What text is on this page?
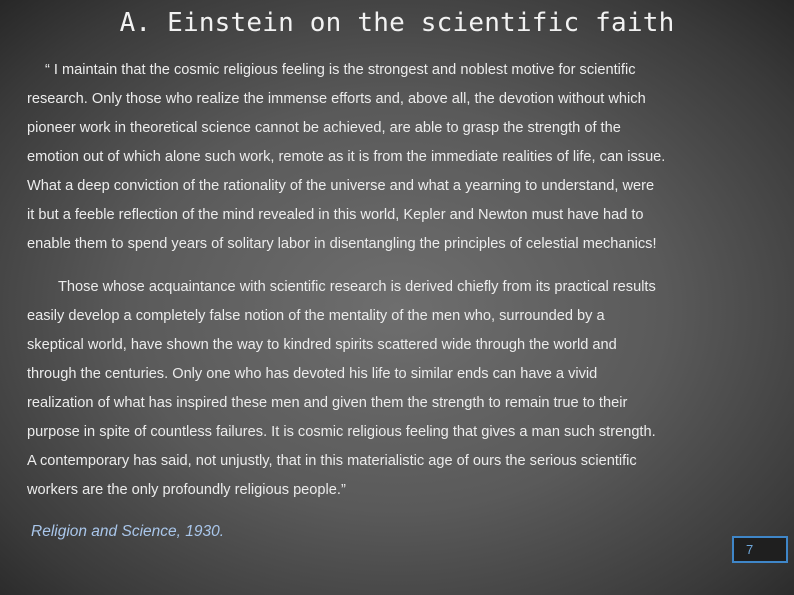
A. Einstein on the scientific faith
“ I maintain that the cosmic religious feeling is the strongest and noblest motive for scientific
research. Only those who realize the immense efforts and, above all, the devotion without which
pioneer work in theoretical science cannot be achieved, are able to grasp the strength of the
emotion out of which alone such work, remote as it is from the immediate realities of life, can issue.
What a deep conviction of the rationality of the universe and what a yearning to understand, were
it but a feeble reflection of the mind revealed in this world, Kepler and Newton must have had to
enable them to spend years of solitary labor in disentangling the principles of celestial mechanics!
Those whose acquaintance with scientific research is derived chiefly from its practical results
easily develop a completely false notion of the mentality of the men who, surrounded by a
skeptical world, have shown the way to kindred spirits scattered wide through the world and
through the centuries. Only one who has devoted his life to similar ends can have a vivid
realization of what has inspired these men and given them the strength to remain true to their
purpose in spite of countless failures. It is cosmic religious feeling that gives a man such strength.
A contemporary has said, not unjustly, that in this materialistic age of ours the serious scientific
workers are the only profoundly religious people.”
Religion and Science, 1930.
7
